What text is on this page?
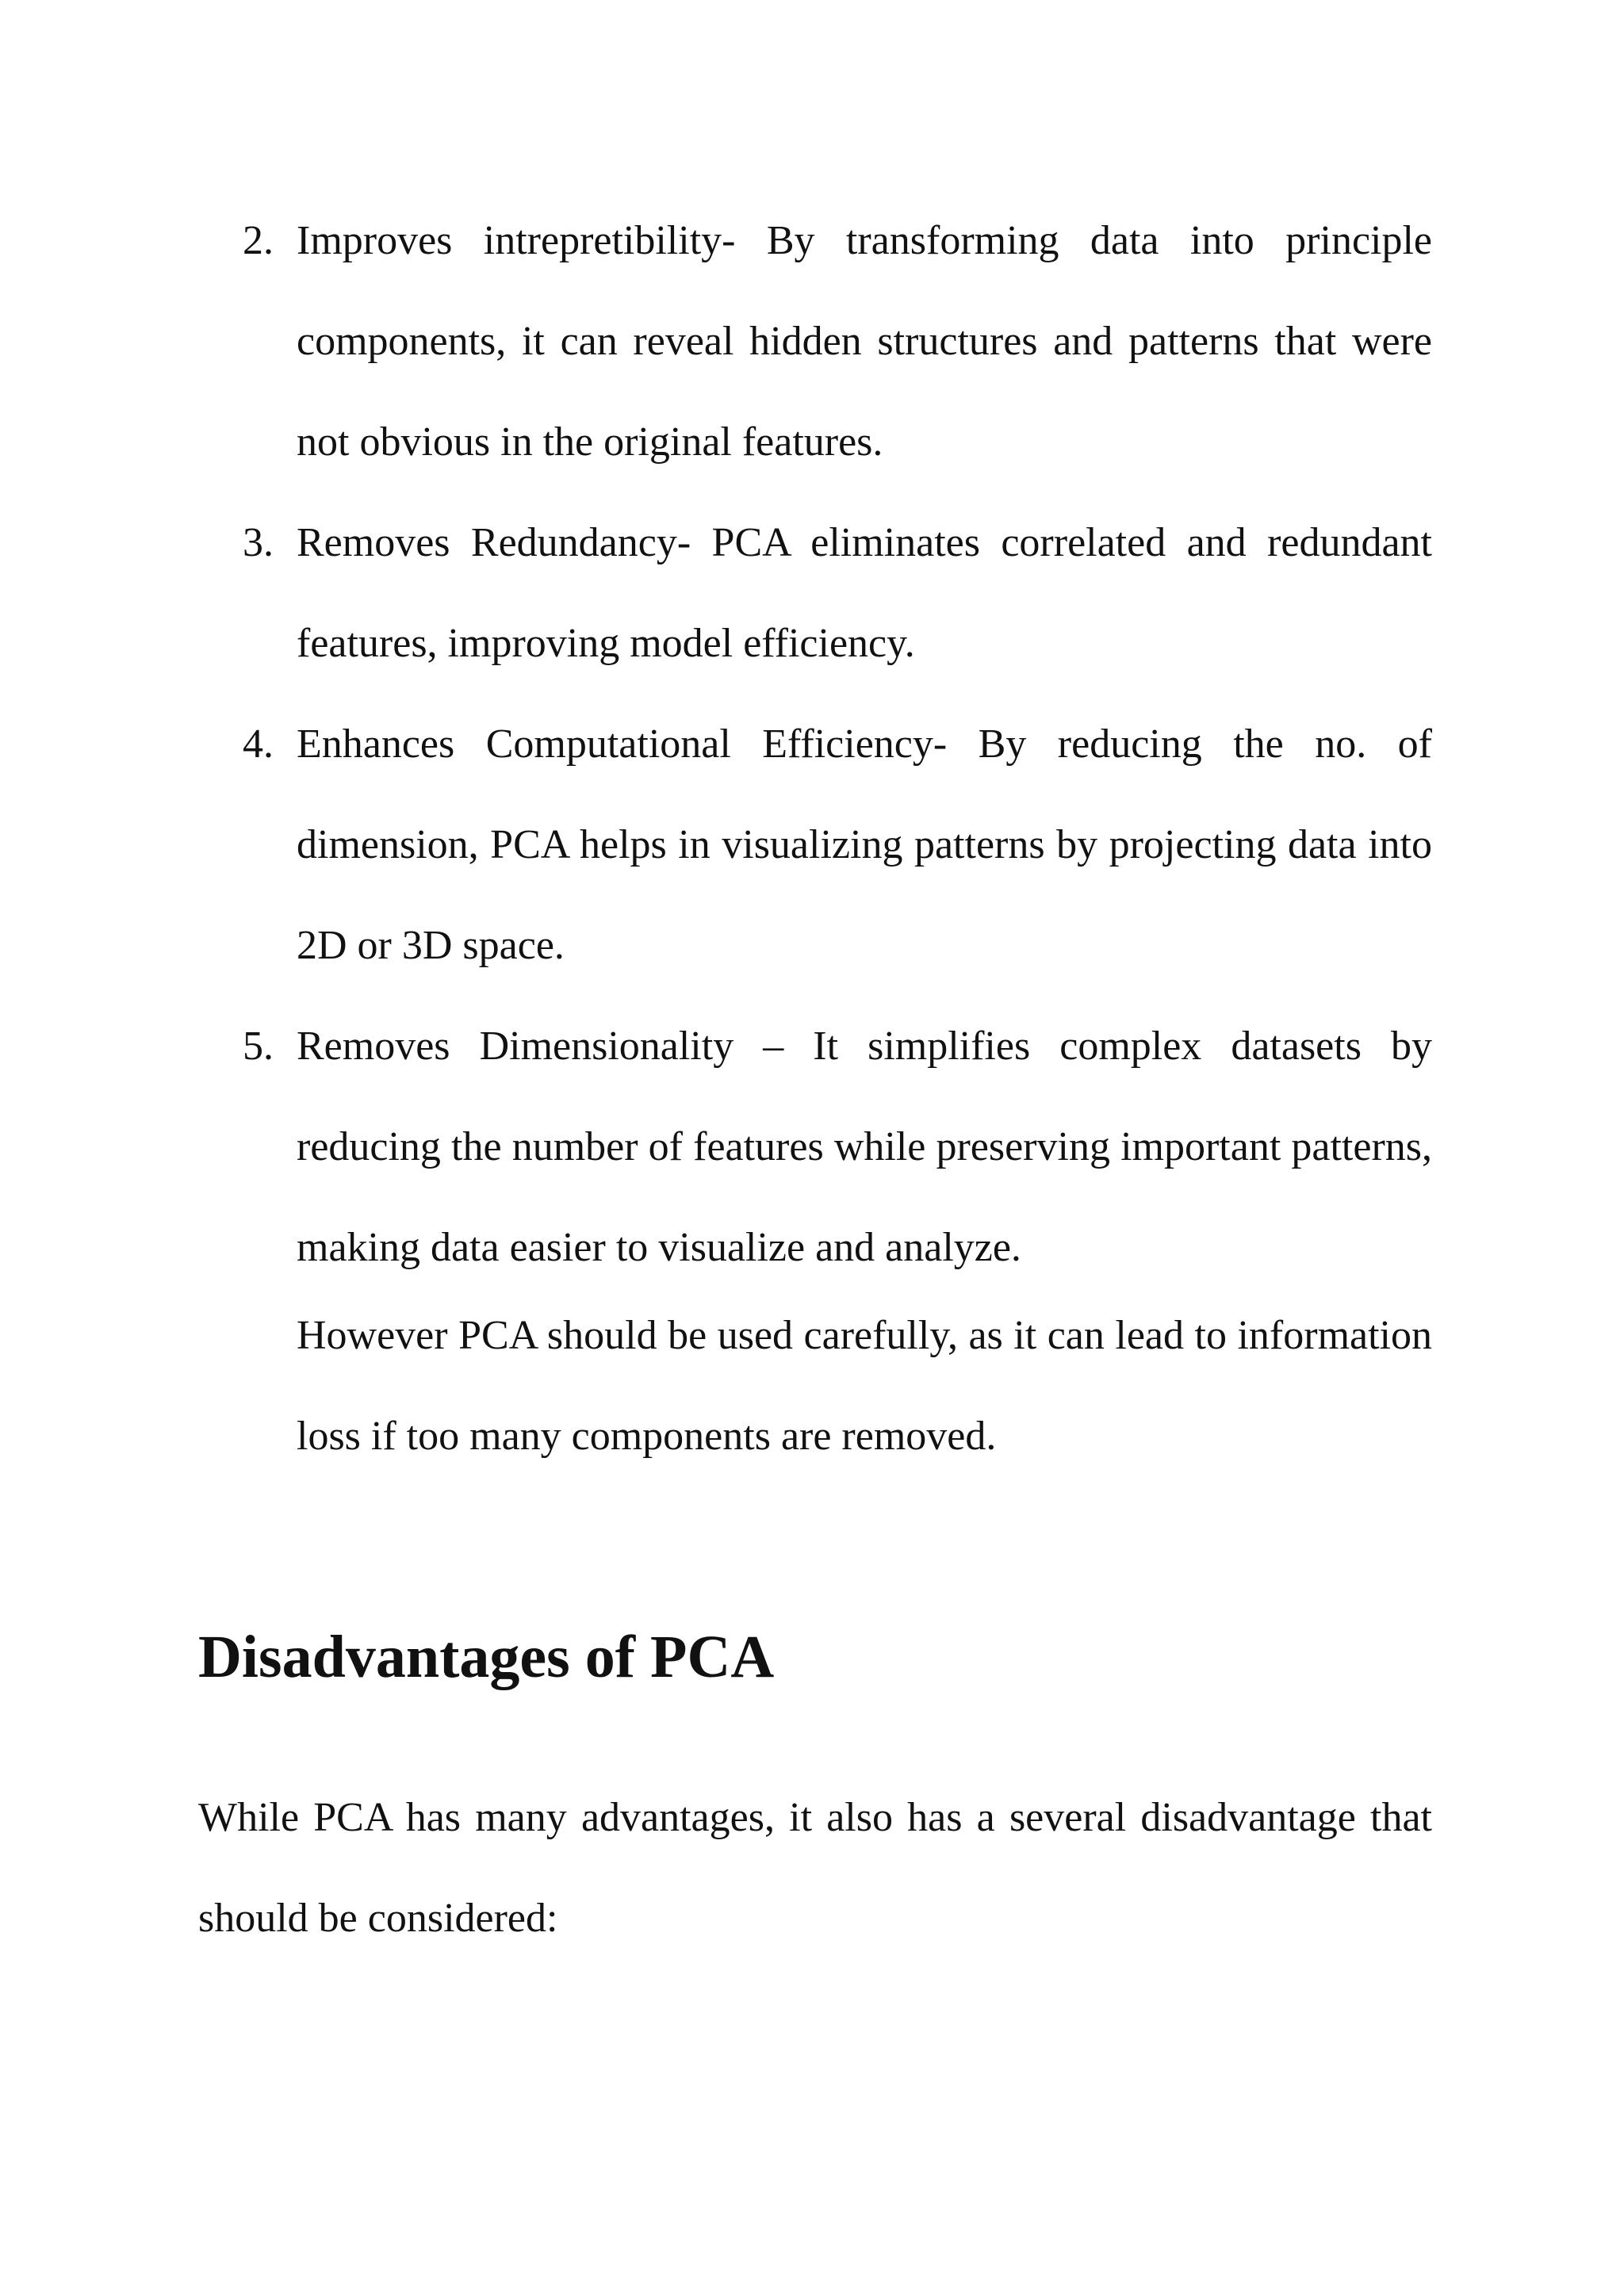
2. Improves intrepretibility- By transforming data into principle components, it can reveal hidden structures and patterns that were not obvious in the original features.
3. Removes Redundancy- PCA eliminates correlated and redundant features, improving model efficiency.
4. Enhances Computational Efficiency- By reducing the no. of dimension, PCA helps in visualizing patterns by projecting data into 2D or 3D space.
5. Removes Dimensionality – It simplifies complex datasets by reducing the number of features while preserving important patterns, making data easier to visualize and analyze.

However PCA should be used carefully, as it can lead to information loss if too many components are removed.

Disadvantages of PCA

While PCA has many advantages, it also has a several disadvantage that should be considered:
